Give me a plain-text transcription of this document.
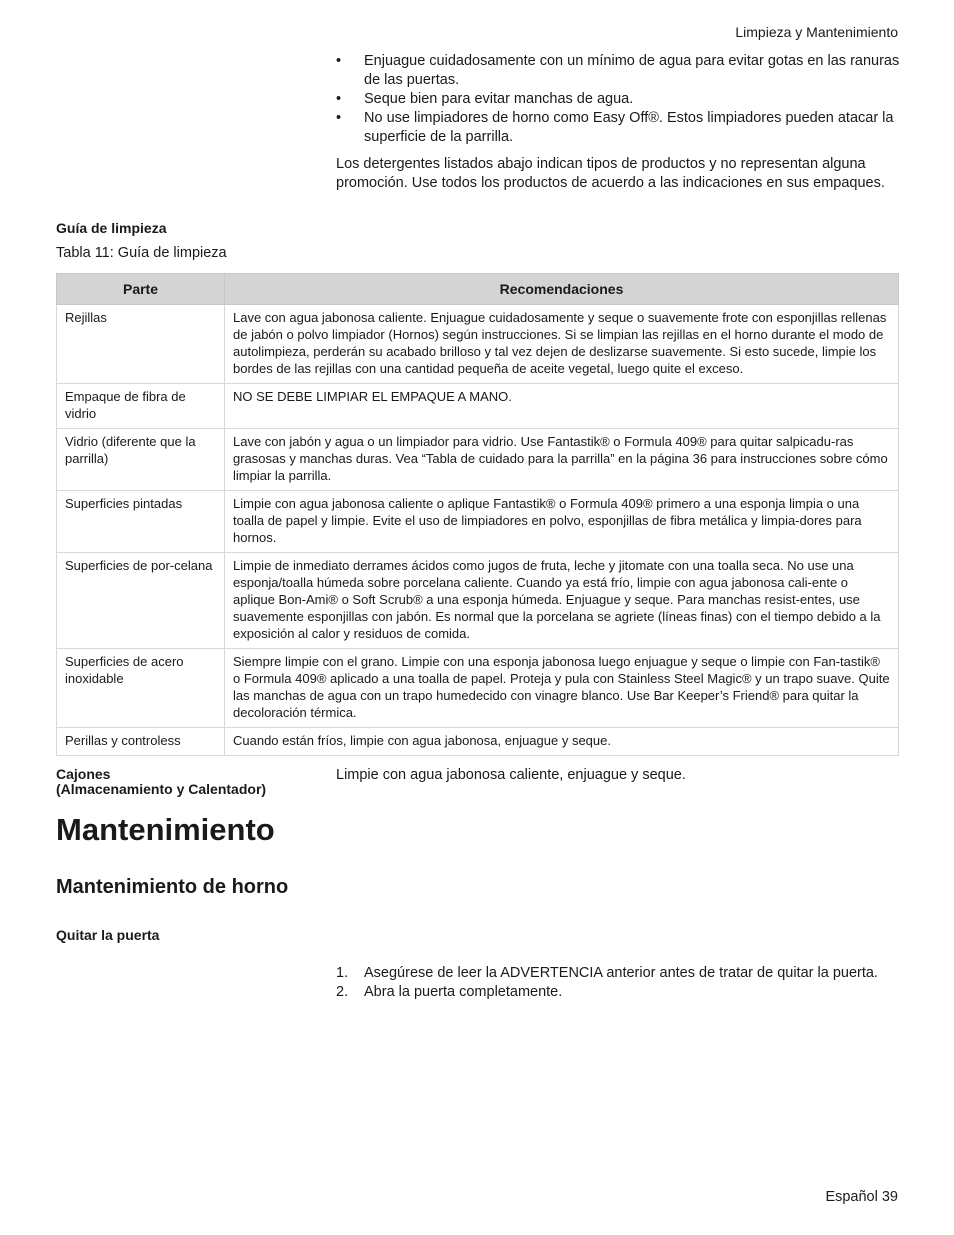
Limpieza y Mantenimiento
• Enjuague cuidadosamente con un mínimo de agua para evitar gotas en las ranuras de las puertas.
• Seque bien para evitar manchas de agua.
• No use limpiadores de horno como Easy Off®. Estos limpiadores pueden atacar la superficie de la parrilla.

Los detergentes listados abajo indican tipos de productos y no representan alguna promoción. Use todos los productos de acuerdo a las indicaciones en sus empaques.

Guía de limpieza
Tabla 11: Guía de limpieza
Parte	Recomendaciones
Rejillas	Lave con agua jabonosa caliente. Enjuague cuidadosamente y seque o suavemente frote con esponjillas rellenas de jabón o polvo limpiador (Hornos) según instrucciones. Si se limpian las rejillas en el horno durante el modo de autolimpieza, perderán su acabado brilloso y tal vez dejen de deslizarse suavemente. Si esto sucede, limpie los bordes de las rejillas con una cantidad pequeña de aceite vegetal, luego quite el exceso.
Empaque de fibra de vidrio	NO SE DEBE LIMPIAR EL EMPAQUE A MANO.
Vidrio (diferente que la parrilla)	Lave con jabón y agua o un limpiador para vidrio. Use Fantastik® o Formula 409® para quitar salpicadu-ras grasosas y manchas duras. Vea “Tabla de cuidado para la parrilla” en la página 36 para instrucciones sobre cómo limpiar la parrilla.
Superficies pintadas	Limpie con agua jabonosa caliente o aplique Fantastik® o Formula 409® primero a una esponja limpia o una toalla de papel y limpie. Evite el uso de limpiadores en polvo, esponjillas de fibra metálica y limpia-dores para hornos.
Superficies de por-celana	Limpie de inmediato derrames ácidos como jugos de fruta, leche y jitomate con una toalla seca. No use una esponja/toalla húmeda sobre porcelana caliente. Cuando ya está frío, limpie con agua jabonosa cali-ente o aplique Bon-Ami® o Soft Scrub® a una esponja húmeda. Enjuague y seque. Para manchas resist-entes, use suavemente esponjillas con jabón. Es normal que la porcelana se agriete (líneas finas) con el tiempo debido a la exposición al calor y residuos de comida.
Superficies de acero inoxidable	Siempre limpie con el grano. Limpie con una esponja jabonosa luego enjuague y seque o limpie con Fan-tastik® o Formula 409® aplicado a una toalla de papel. Proteja y pula con Stainless Steel Magic® y un trapo suave. Quite las manchas de agua con un trapo humedecido con vinagre blanco. Use Bar Keeper’s Friend® para quitar la decoloración térmica.
Perillas y controless	Cuando están fríos, limpie con agua jabonosa, enjuague y seque.
Cajones
(Almacenamiento y Calentador)
Limpie con agua jabonosa caliente, enjuague y seque.
Mantenimiento
Mantenimiento de horno
Quitar la puerta
1. Asegúrese de leer la ADVERTENCIA anterior antes de tratar de quitar la puerta.
2. Abra la puerta completamente.
Español 39
